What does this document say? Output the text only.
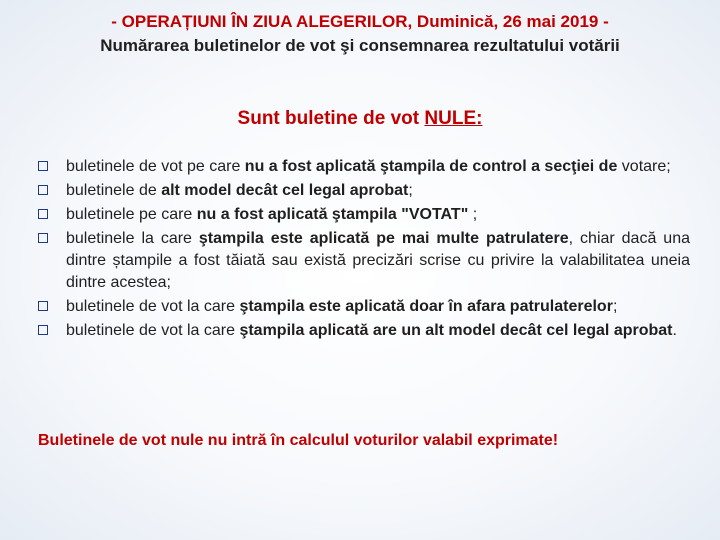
- OPERAȚIUNI ÎN ZIUA ALEGERILOR, Duminică, 26 mai 2019 -
Numărarea buletinelor de vot şi consemnarea rezultatului votării
Sunt buletine de vot NULE:
buletinele de vot pe care nu a fost aplicată ştampila de control a secţiei de votare;
buletinele de alt model decât cel legal aprobat;
buletinele pe care nu a fost aplicată ştampila "VOTAT" ;
buletinele la care ştampila este aplicată pe mai multe patrulatere, chiar dacă una dintre ștampile a fost tăiată sau există precizări scrise cu privire la valabilitatea uneia dintre acestea;
buletinele de vot la care ştampila este aplicată doar în afara patrulaterelor;
buletinele de vot la care ştampila aplicată are un alt model decât cel legal aprobat.
Buletinele de vot nule nu intră în calculul voturilor valabil exprimate!
